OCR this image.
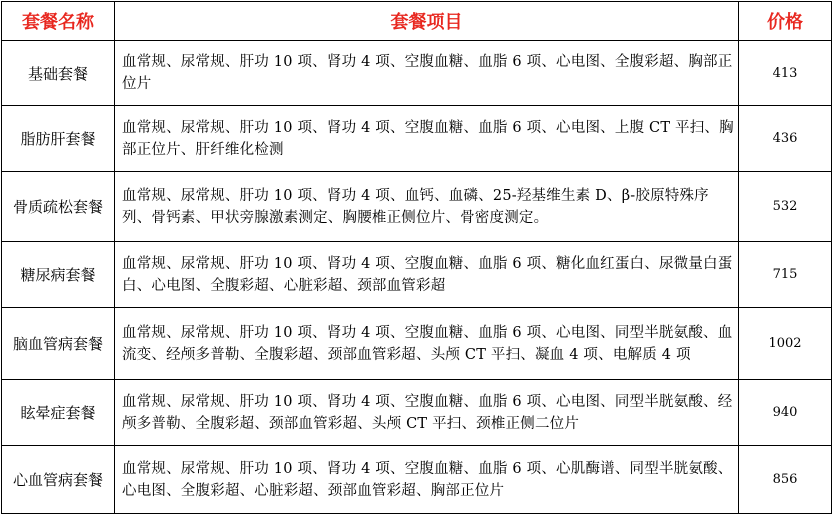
套餐名称	套餐项目	价格
基础套餐	血常规、尿常规、肝功 10 项、肾功 4 项、空腹血糖、血脂 6 项、心电图、全腹彩超、胸部正位片	413
脂肪肝套餐	血常规、尿常规、肝功 10 项、肾功 4 项、空腹血糖、血脂 6 项、心电图、上腹 CT 平扫、胸部正位片、肝纤维化检测	436
骨质疏松套餐	血常规、尿常规、肝功 10 项、肾功 4 项、血钙、血磷、25-羟基维生素 D、β-胶原特殊序列、骨钙素、甲状旁腺激素测定、胸腰椎正侧位片、骨密度测定。	532
糖尿病套餐	血常规、尿常规、肝功 10 项、肾功 4 项、空腹血糖、血脂 6 项、糖化血红蛋白、尿微量白蛋白、心电图、全腹彩超、心脏彩超、颈部血管彩超	715
脑血管病套餐	血常规、尿常规、肝功 10 项、肾功 4 项、空腹血糖、血脂 6 项、心电图、同型半胱氨酸、血流变、经颅多普勒、全腹彩超、颈部血管彩超、头颅 CT 平扫、凝血 4 项、电解质 4 项	1002
眩晕症套餐	血常规、尿常规、肝功 10 项、肾功 4 项、空腹血糖、血脂 6 项、心电图、同型半胱氨酸、经颅多普勒、全腹彩超、颈部血管彩超、头颅 CT 平扫、颈椎正侧二位片	940
心血管病套餐	血常规、尿常规、肝功 10 项、肾功 4 项、空腹血糖、血脂 6 项、心肌酶谱、同型半胱氨酸、心电图、全腹彩超、心脏彩超、颈部血管彩超、胸部正位片	856
